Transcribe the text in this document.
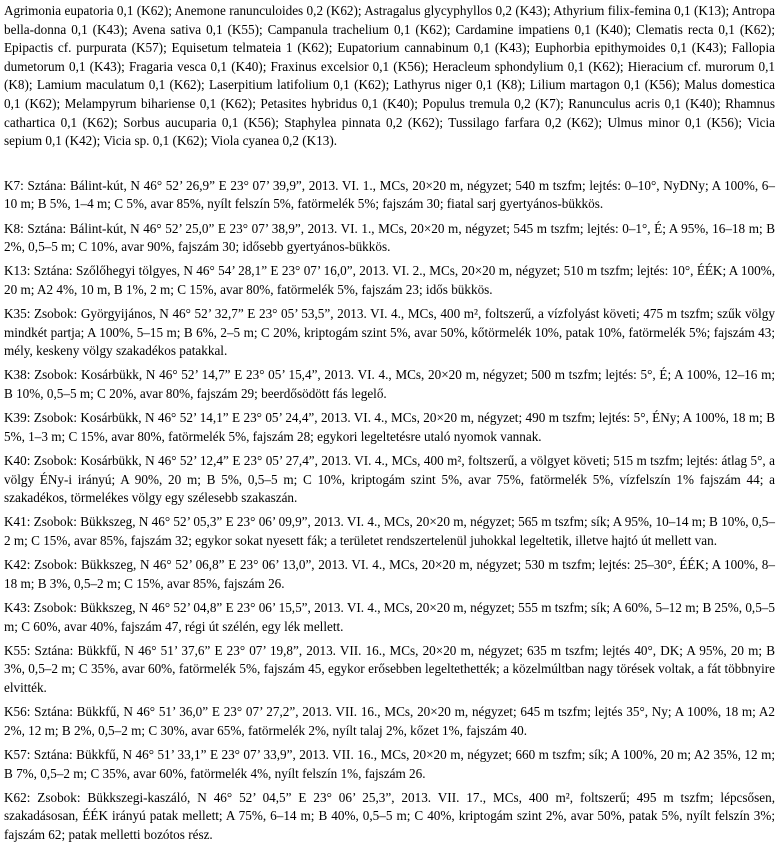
Agrimonia eupatoria 0,1 (K62); Anemone ranunculoides 0,2 (K62); Astragalus glycyphyllos 0,2 (K43); Athyrium filix-femina 0,1 (K13); Antropa bella-donna 0,1 (K43); Avena sativa 0,1 (K55); Campanula trachelium 0,1 (K62); Cardamine impatiens 0,1 (K40); Clematis recta 0,1 (K62); Epipactis cf. purpurata (K57); Equisetum telmateia 1 (K62); Eupatorium cannabinum 0,1 (K43); Euphorbia epithymoides 0,1 (K43); Fallopia dumetorum 0,1 (K43); Fragaria vesca 0,1 (K40); Fraxinus excelsior 0,1 (K56); Heracleum sphondylium 0,1 (K62); Hieracium cf. murorum 0,1 (K8); Lamium maculatum 0,1 (K62); Laserpitium latifolium 0,1 (K62); Lathyrus niger 0,1 (K8); Lilium martagon 0,1 (K56); Malus domestica 0,1 (K62); Melampyrum bihariense 0,1 (K62); Petasites hybridus 0,1 (K40); Populus tremula 0,2 (K7); Ranunculus acris 0,1 (K40); Rhamnus cathartica 0,1 (K62); Sorbus aucuparia 0,1 (K56); Staphylea pinnata 0,2 (K62); Tussilago farfara 0,2 (K62); Ulmus minor 0,1 (K56); Vicia sepium 0,1 (K42); Vicia sp. 0,1 (K62); Viola cyanea 0,2 (K13).

K7: Sztána: Bálint-kút, N 46° 52’ 26,9” E 23° 07’ 39,9”, 2013. VI. 1., MCs, 20×20 m, négyzet; 540 m tszfm; lejtés: 0–10°, NyDNy; A 100%, 6–10 m; B 5%, 1–4 m; C 5%, avar 85%, nyílt felszín 5%, fatörmelék 5%; fajszám 30; fiatal sarj gyertyános-bükkös.

K8: Sztána: Bálint-kút, N 46° 52’ 25,0” E 23° 07’ 38,9”, 2013. VI. 1., MCs, 20×20 m, négyzet; 545 m tszfm; lejtés: 0–1°, É; A 95%, 16–18 m; B 2%, 0,5–5 m; C 10%, avar 90%, fajszám 30; idősebb gyertyános-bükkös.

K13: Sztána: Szőlőhegyi tölgyes, N 46° 54’ 28,1” E 23° 07’ 16,0”, 2013. VI. 2., MCs, 20×20 m, négyzet; 510 m tszfm; lejtés: 10°, ÉÉK; A 100%, 20 m; A2 4%, 10 m, B 1%, 2 m; C 15%, avar 80%, fatörmelék 5%, fajszám 23; idős bükkös.

K35: Zsobok: Györgyijános, N 46° 52’ 32,7” E 23° 05’ 53,5”, 2013. VI. 4., MCs, 400 m², foltszerű, a vízfolyást követi; 475 m tszfm; szűk völgy mindkét partja; A 100%, 5–15 m; B 6%, 2–5 m; C 20%, kriptogám szint 5%, avar 50%, kőtörmelék 10%, patak 10%, fatörmelék 5%; fajszám 43; mély, keskeny völgy szakadékos patakkal.

K38: Zsobok: Kosárbükk, N 46° 52’ 14,7” E 23° 05’ 15,4”, 2013. VI. 4., MCs, 20×20 m, négyzet; 500 m tszfm; lejtés: 5°, É; A 100%, 12–16 m; B 10%, 0,5–5 m; C 20%, avar 80%, fajszám 29; beerdősödött fás legelő.

K39: Zsobok: Kosárbükk, N 46° 52’ 14,1” E 23° 05’ 24,4”, 2013. VI. 4., MCs, 20×20 m, négyzet; 490 m tszfm; lejtés: 5°, ÉNy; A 100%, 18 m; B 5%, 1–3 m; C 15%, avar 80%, fatörmelék 5%, fajszám 28; egykori legeltetésre utaló nyomok vannak.

K40: Zsobok: Kosárbükk, N 46° 52’ 12,4” E 23° 05’ 27,4”, 2013. VI. 4., MCs, 400 m², foltszerű, a völgyet követi; 515 m tszfm; lejtés: átlag 5°, a völgy ÉNy-i irányú; A 90%, 20 m; B 5%, 0,5–5 m; C 10%, kriptogám szint 5%, avar 75%, fatörmelék 5%, vízfelszín 1% fajszám 44; a szakadékos, törmelékes völgy egy szélesebb szakaszán.

K41: Zsobok: Bükkszeg, N 46° 52’ 05,3” E 23° 06’ 09,9”, 2013. VI. 4., MCs, 20×20 m, négyzet; 565 m tszfm; sík; A 95%, 10–14 m; B 10%, 0,5–2 m; C 15%, avar 85%, fajszám 32; egykor sokat nyesett fák; a területet rendszertelenül juhokkal legeltetik, illetve hajtó út mellett van.

K42: Zsobok: Bükkszeg, N 46° 52’ 06,8” E 23° 06’ 13,0”, 2013. VI. 4., MCs, 20×20 m, négyzet; 530 m tszfm; lejtés: 25–30°, ÉÉK; A 100%, 8–18 m; B 3%, 0,5–2 m; C 15%, avar 85%, fajszám 26.

K43: Zsobok: Bükkszeg, N 46° 52’ 04,8” E 23° 06’ 15,5”, 2013. VI. 4., MCs, 20×20 m, négyzet; 555 m tszfm; sík; A 60%, 5–12 m; B 25%, 0,5–5 m; C 60%, avar 40%, fajszám 47, régi út szélén, egy lék mellett.

K55: Sztána: Bükkfű, N 46° 51’ 37,6” E 23° 07’ 19,8”, 2013. VII. 16., MCs, 20×20 m, négyzet; 635 m tszfm; lejtés 40°, DK; A 95%, 20 m; B 3%, 0,5–2 m; C 35%, avar 60%, fatörmelék 5%, fajszám 45, egykor erősebben legeltethették; a közelmúltban nagy törések voltak, a fát többnyire elvitték.

K56: Sztána: Bükkfű, N 46° 51’ 36,0” E 23° 07’ 27,2”, 2013. VII. 16., MCs, 20×20 m, négyzet; 645 m tszfm; lejtés 35°, Ny; A 100%, 18 m; A2 2%, 12 m; B 2%, 0,5–2 m; C 30%, avar 65%, fatörmelék 2%, nyílt talaj 2%, kőzet 1%, fajszám 40.

K57: Sztána: Bükkfű, N 46° 51’ 33,1” E 23° 07’ 33,9”, 2013. VII. 16., MCs, 20×20 m, négyzet; 660 m tszfm; sík; A 100%, 20 m; A2 35%, 12 m; B 7%, 0,5–2 m; C 35%, avar 60%, fatörmelék 4%, nyílt felszín 1%, fajszám 26.

K62: Zsobok: Bükkszegi-kaszáló, N 46° 52’ 04,5” E 23° 06’ 25,3”, 2013. VII. 17., MCs, 400 m², foltszerű; 495 m tszfm; lépcsősen, szakadásosan, ÉÉK irányú patak mellett; A 75%, 6–14 m; B 40%, 0,5–5 m; C 40%, kriptogám szint 2%, avar 50%, patak 5%, nyílt felszín 3%; fajszám 62; patak melletti bozótos rész.
